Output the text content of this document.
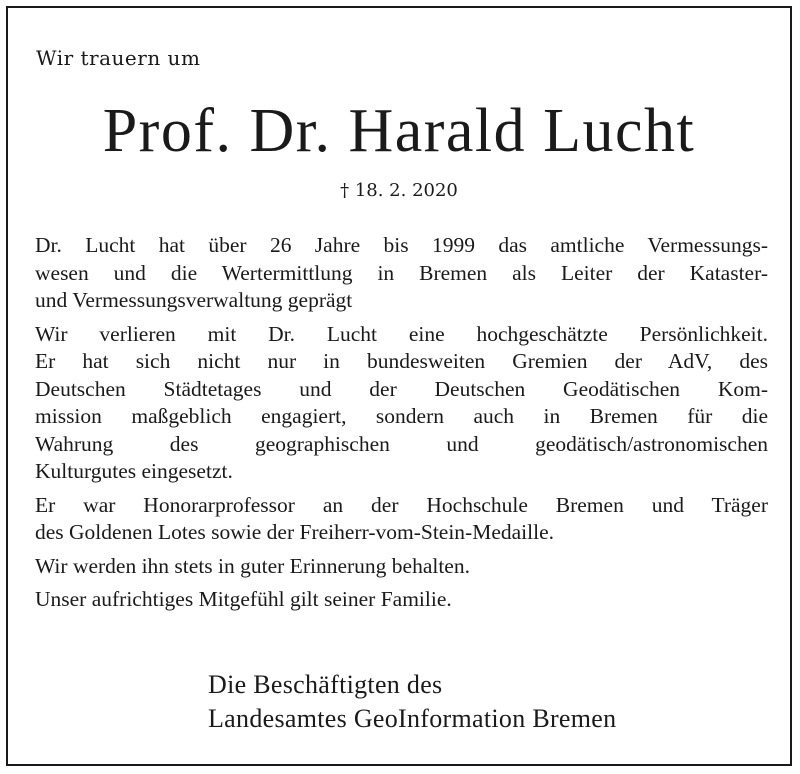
Wir trauern um

Prof. Dr. Harald Lucht

† 18. 2. 2020

Dr. Lucht hat über 26 Jahre bis 1999 das amtliche Vermessungs-
wesen und die Wertermittlung in Bremen als Leiter der Kataster-
und Vermessungsverwaltung geprägt

Wir verlieren mit Dr. Lucht eine hochgeschätzte Persönlichkeit.
Er hat sich nicht nur in bundesweiten Gremien der AdV, des
Deutschen Städtetages und der Deutschen Geodätischen Kom-
mission maßgeblich engagiert, sondern auch in Bremen für die
Wahrung des geographischen und geodätisch/astronomischen
Kulturgutes eingesetzt.

Er war Honorarprofessor an der Hochschule Bremen und Träger
des Goldenen Lotes sowie der Freiherr-vom-Stein-Medaille.

Wir werden ihn stets in guter Erinnerung behalten.

Unser aufrichtiges Mitgefühl gilt seiner Familie.

Die Beschäftigten des
Landesamtes GeoInformation Bremen
